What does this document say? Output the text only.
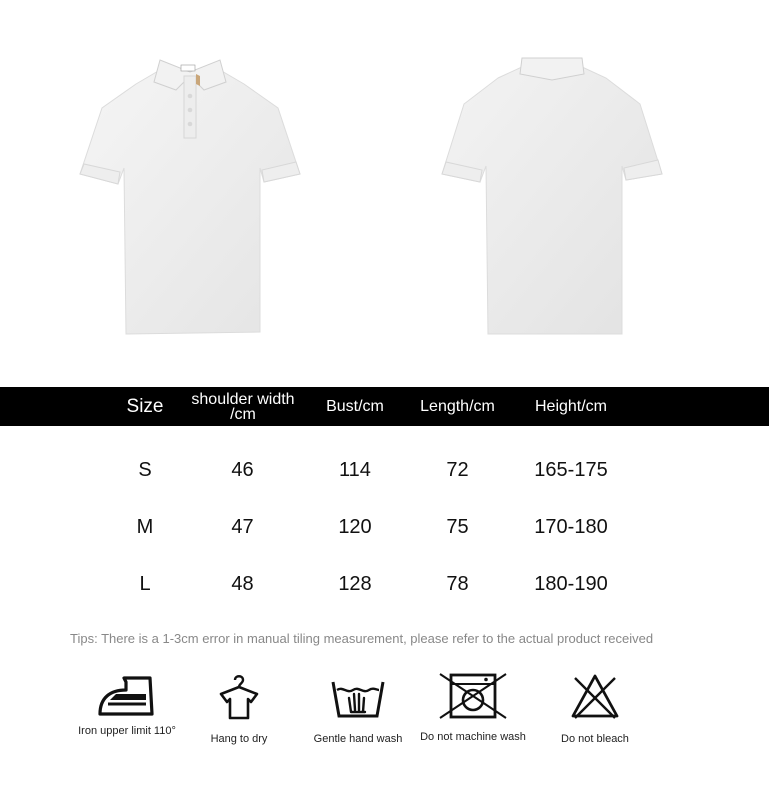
Size	shoulder width /cm	Bust/cm	Length/cm	Height/cm
S	46	114	72	165-175
M	47	120	75	170-180
L	48	128	78	180-190
Tips: There is a 1-3cm error in manual tiling measurement, please refer to the actual product received
Iron upper limit 110°
Hang to dry	Gentle hand wash	Do not machine wash	Do not bleach
